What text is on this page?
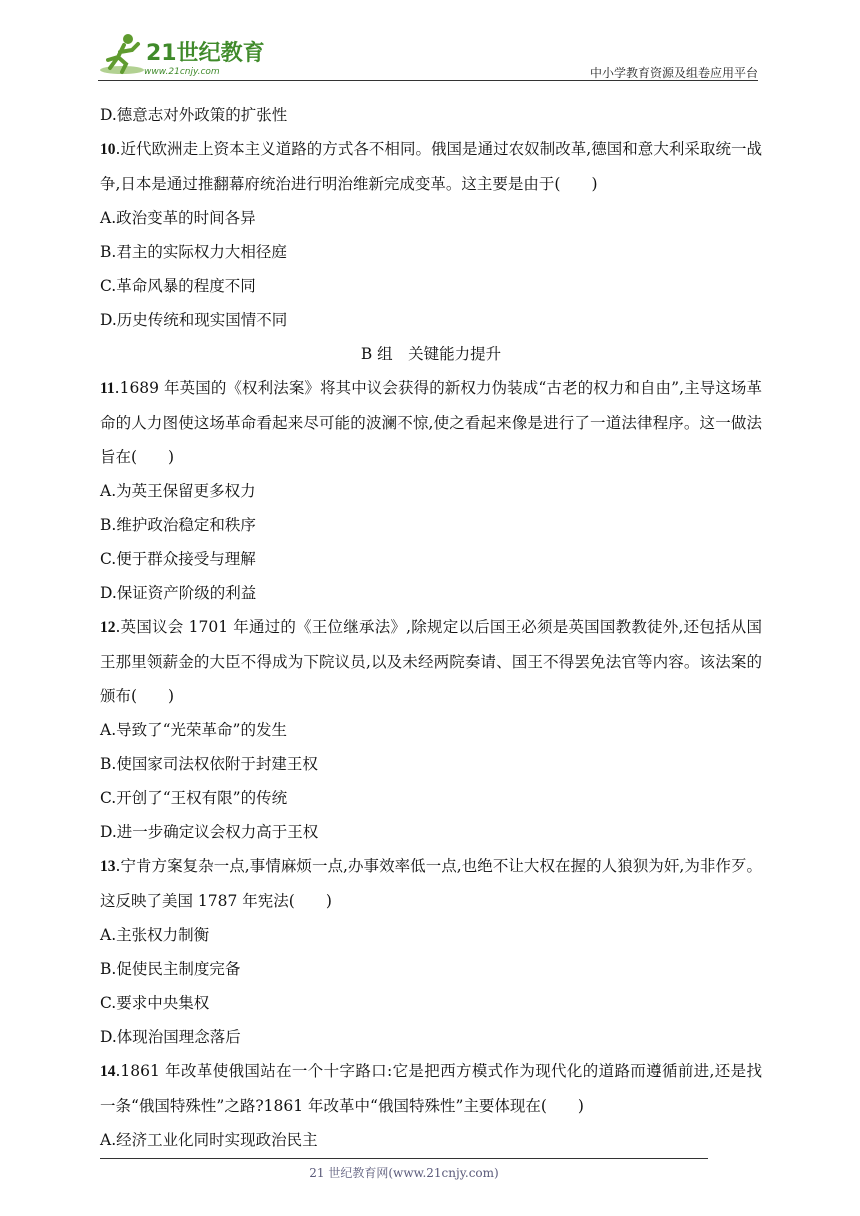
21世纪教育
www.21cnjy.com	中小学教育资源及组卷应用平台
D.德意志对外政策的扩张性
10.近代欧洲走上资本主义道路的方式各不相同。俄国是通过农奴制改革,德国和意大利采取统一战争,日本是通过推翻幕府统治进行明治维新完成变革。这主要是由于(　　)
A.政治变革的时间各异
B.君主的实际权力大相径庭
C.革命风暴的程度不同
D.历史传统和现实国情不同
B 组　关键能力提升
11.1689 年英国的《权利法案》将其中议会获得的新权力伪装成“古老的权力和自由”,主导这场革命的人力图使这场革命看起来尽可能的波澜不惊,使之看起来像是进行了一道法律程序。这一做法旨在(　　)
A.为英王保留更多权力
B.维护政治稳定和秩序
C.便于群众接受与理解
D.保证资产阶级的利益
12.英国议会 1701 年通过的《王位继承法》,除规定以后国王必须是英国国教教徒外,还包括从国王那里领薪金的大臣不得成为下院议员,以及未经两院奏请、国王不得罢免法官等内容。该法案的颁布(　　)
A.导致了“光荣革命”的发生
B.使国家司法权依附于封建王权
C.开创了“王权有限”的传统
D.进一步确定议会权力高于王权
13.宁肯方案复杂一点,事情麻烦一点,办事效率低一点,也绝不让大权在握的人狼狈为奸,为非作歹。这反映了美国 1787 年宪法(　　)
A.主张权力制衡
B.促使民主制度完备
C.要求中央集权
D.体现治国理念落后
14.1861 年改革使俄国站在一个十字路口:它是把西方模式作为现代化的道路而遵循前进,还是找一条“俄国特殊性”之路?1861 年改革中“俄国特殊性”主要体现在(　　)
A.经济工业化同时实现政治民主
21 世纪教育网(www.21cnjy.com)
